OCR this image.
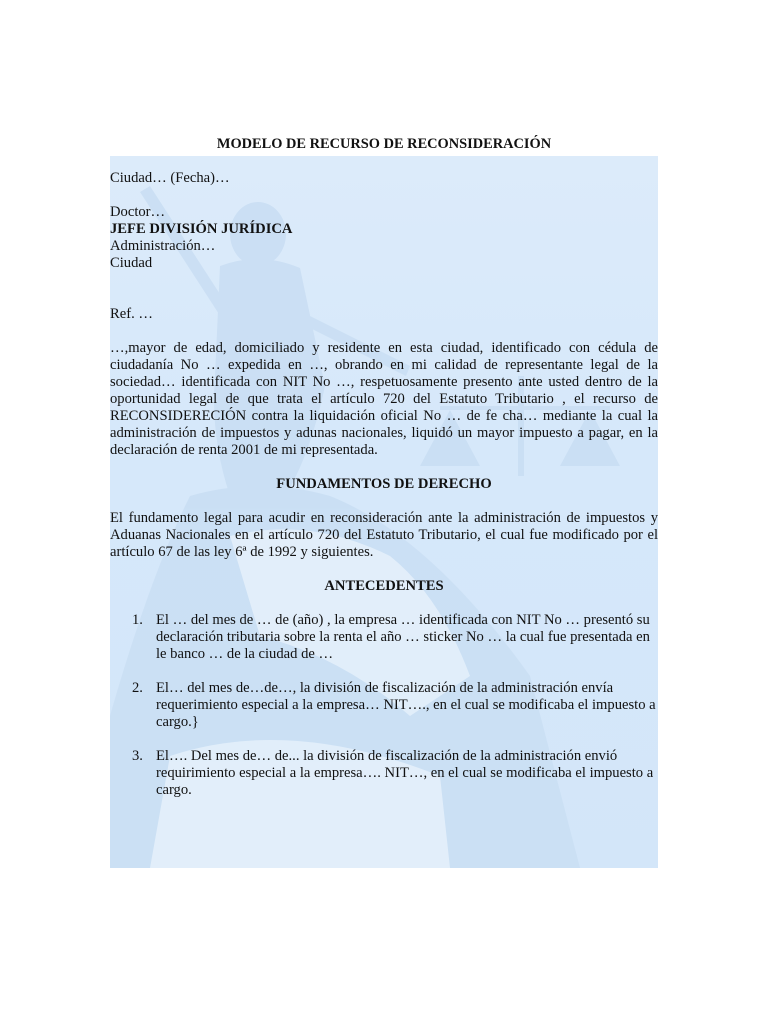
MODELO DE RECURSO DE RECONSIDERACIÓN

Ciudad… (Fecha)…

Doctor…

JEFE DIVISIÓN JURÍDICA

Administración…

Ciudad

Ref. …

…,mayor de edad, domiciliado y residente en esta ciudad, identificado con cédula de ciudadanía No … expedida en …, obrando en mi calidad de representante legal de la sociedad… identificada con NIT No …, respetuosamente presento ante usted dentro de la oportunidad legal de que trata el artículo 720 del Estatuto Tributario , el recurso de RECONSIDERECIÓN contra la liquidación oficial No … de fe cha… mediante la cual la administración de impuestos y adunas nacionales, liquidó un mayor impuesto a pagar, en la declaración de renta 2001 de mi representada.

FUNDAMENTOS DE DERECHO

El fundamento legal para acudir en reconsideración ante la administración de impuestos y Aduanas Nacionales en el artículo 720 del Estatuto Tributario, el cual fue modificado por el artículo 67 de las ley 6ª de 1992 y siguientes.

ANTECEDENTES

1. El … del mes de … de (año) , la empresa … identificada con NIT No … presentó su declaración tributaria sobre la renta el año … sticker No … la cual fue presentada en le banco … de la ciudad de …
2. El… del mes de…de…, la división de fiscalización de la administración envía requerimiento especial a la empresa… NIT…., en el cual se modificaba el impuesto a cargo.}
3. El…. Del mes de… de... la división de fiscalización de la administración envió requirimiento especial a la empresa…. NIT…, en el cual se modificaba el impuesto a cargo.
